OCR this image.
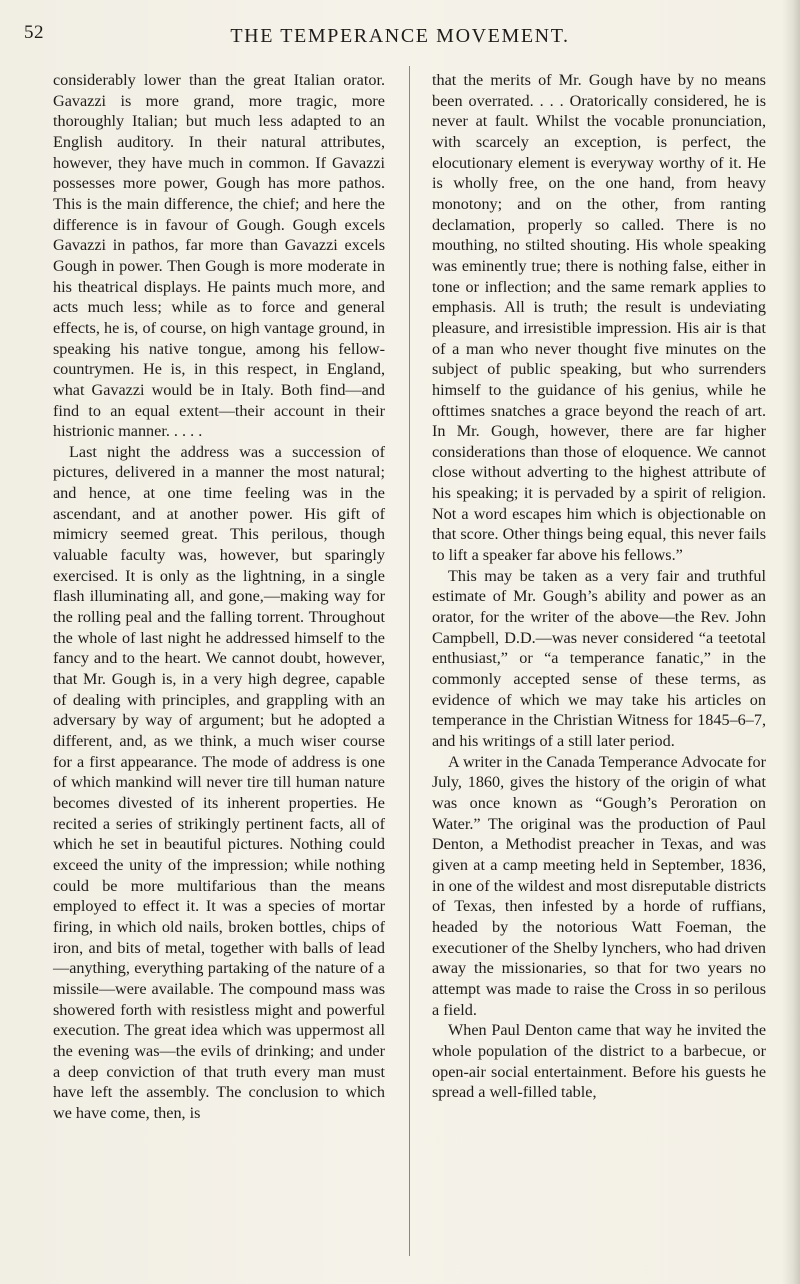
52	THE TEMPERANCE MOVEMENT.

considerably lower than the great Italian orator. Gavazzi is more grand, more tragic, more thoroughly Italian; but much less adapted to an English auditory. In their natural attributes, however, they have much in common. If Gavazzi possesses more power, Gough has more pathos. This is the main difference, the chief; and here the difference is in favour of Gough. Gough excels Gavazzi in pathos, far more than Gavazzi excels Gough in power. Then Gough is more moderate in his theatrical displays. He paints much more, and acts much less; while as to force and general effects, he is, of course, on high vantage ground, in speaking his native tongue, among his fellow-countrymen. He is, in this respect, in England, what Gavazzi would be in Italy. Both find—and find to an equal extent—their account in their histrionic manner. . . . .

Last night the address was a succession of pictures, delivered in a manner the most natural; and hence, at one time feeling was in the ascendant, and at another power. His gift of mimicry seemed great. This perilous, though valuable faculty was, however, but sparingly exercised. It is only as the lightning, in a single flash illuminating all, and gone,—making way for the rolling peal and the falling torrent. Throughout the whole of last night he addressed himself to the fancy and to the heart. We cannot doubt, however, that Mr. Gough is, in a very high degree, capable of dealing with principles, and grappling with an adversary by way of argument; but he adopted a different, and, as we think, a much wiser course for a first appearance. The mode of address is one of which mankind will never tire till human nature becomes divested of its inherent properties. He recited a series of strikingly pertinent facts, all of which he set in beautiful pictures. Nothing could exceed the unity of the impression; while nothing could be more multifarious than the means employed to effect it. It was a species of mortar firing, in which old nails, broken bottles, chips of iron, and bits of metal, together with balls of lead—anything, everything partaking of the nature of a missile—were available. The compound mass was showered forth with resistless might and powerful execution. The great idea which was uppermost all the evening was—the evils of drinking; and under a deep conviction of that truth every man must have left the assembly. The conclusion to which we have come, then, is

that the merits of Mr. Gough have by no means been overrated. . . . Oratorically considered, he is never at fault. Whilst the vocable pronunciation, with scarcely an exception, is perfect, the elocutionary element is everyway worthy of it. He is wholly free, on the one hand, from heavy monotony; and on the other, from ranting declamation, properly so called. There is no mouthing, no stilted shouting. His whole speaking was eminently true; there is nothing false, either in tone or inflection; and the same remark applies to emphasis. All is truth; the result is undeviating pleasure, and irresistible impression. His air is that of a man who never thought five minutes on the subject of public speaking, but who surrenders himself to the guidance of his genius, while he ofttimes snatches a grace beyond the reach of art. In Mr. Gough, however, there are far higher considerations than those of eloquence. We cannot close without adverting to the highest attribute of his speaking; it is pervaded by a spirit of religion. Not a word escapes him which is objectionable on that score. Other things being equal, this never fails to lift a speaker far above his fellows.”

This may be taken as a very fair and truthful estimate of Mr. Gough’s ability and power as an orator, for the writer of the above—the Rev. John Campbell, D.D.—was never considered “a teetotal enthusiast,” or “a temperance fanatic,” in the commonly accepted sense of these terms, as evidence of which we may take his articles on temperance in the Christian Witness for 1845–6–7, and his writings of a still later period.

A writer in the Canada Temperance Advocate for July, 1860, gives the history of the origin of what was once known as “Gough’s Peroration on Water.” The original was the production of Paul Denton, a Methodist preacher in Texas, and was given at a camp meeting held in September, 1836, in one of the wildest and most disreputable districts of Texas, then infested by a horde of ruffians, headed by the notorious Watt Foeman, the executioner of the Shelby lynchers, who had driven away the missionaries, so that for two years no attempt was made to raise the Cross in so perilous a field.

When Paul Denton came that way he invited the whole population of the district to a barbecue, or open-air social entertainment. Before his guests he spread a well-filled table,
